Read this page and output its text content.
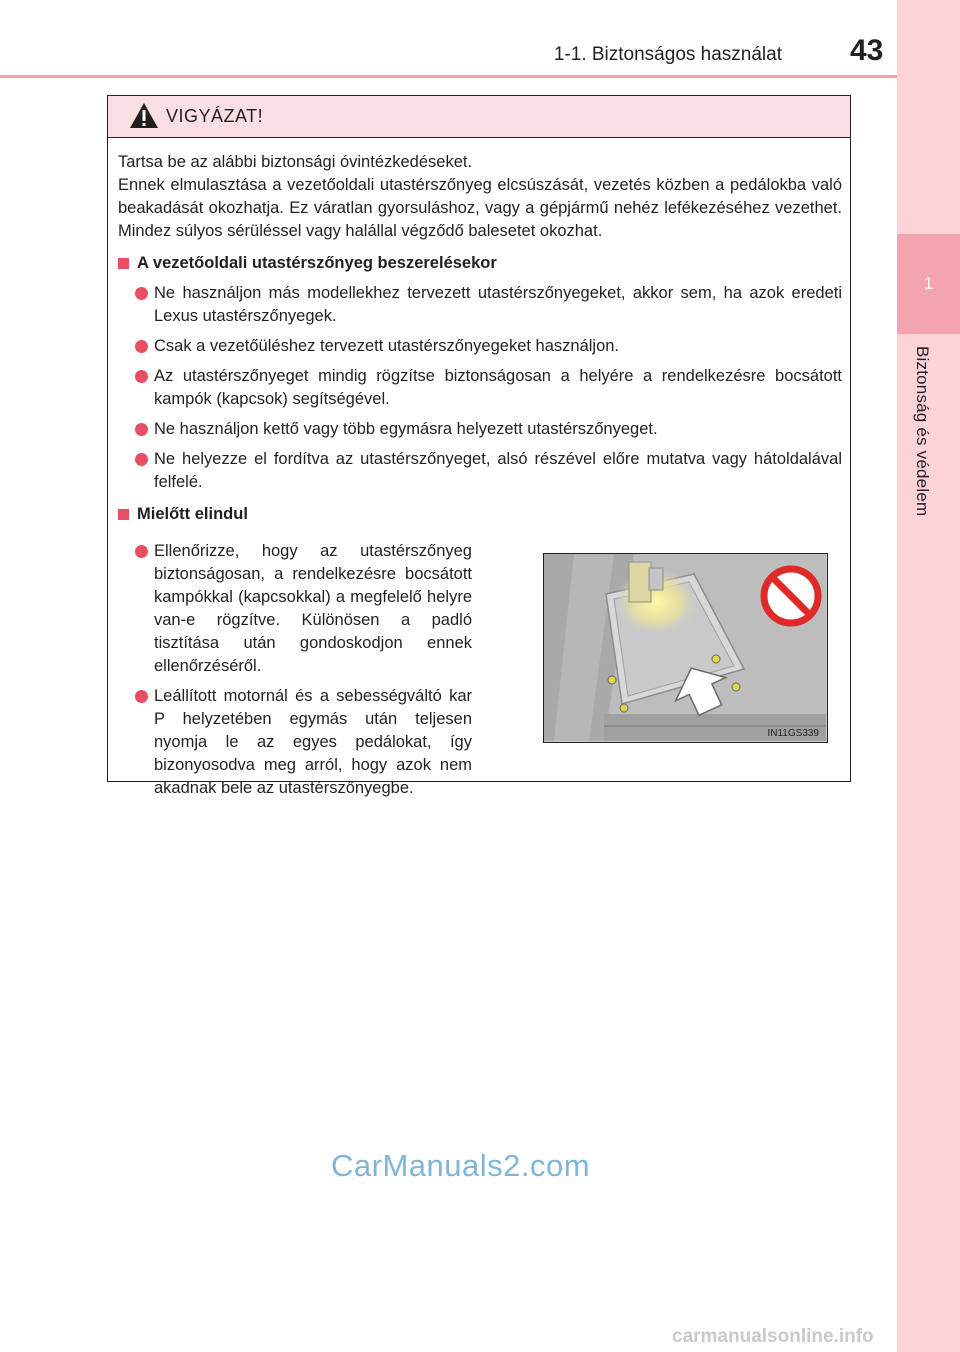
1-1. Biztonságos használat 43
1
Biztonság és védelem
VIGYÁZAT!
Tartsa be az alábbi biztonsági óvintézkedéseket.
Ennek elmulasztása a vezetőoldali utastérszőnyeg elcsúszását, vezetés közben a pedálokba való beakadását okozhatja. Ez váratlan gyorsuláshoz, vagy a gépjármű nehéz lefékezéséhez vezethet. Mindez súlyos sérüléssel vagy halállal végződő balesetet okozhat.
A vezetőoldali utastérszőnyeg beszerelésekor
Ne használjon más modellekhez tervezett utastérszőnyegeket, akkor sem, ha azok eredeti Lexus utastérszőnyegek.
Csak a vezetőüléshez tervezett utastérszőnyegeket használjon.
Az utastérszőnyeget mindig rögzítse biztonságosan a helyére a rendelkezésre bocsátott kampók (kapcsok) segítségével.
Ne használjon kettő vagy több egymásra helyezett utastérszőnyeget.
Ne helyezze el fordítva az utastérszőnyeget, alsó részével előre mutatva vagy hátoldalával felfelé.
Mielőtt elindul
Ellenőrizze, hogy az utastérszőnyeg biztonságosan, a rendelkezésre bocsátott kampókkal (kapcsokkal) a megfelelő helyre van-e rögzítve. Különösen a padló tisztítása után gondoskodjon ennek ellenőrzéséről.
Leállított motornál és a sebességváltó kar P helyzetében egymás után teljesen nyomja le az egyes pedálokat, így bizonyosodva meg arról, hogy azok nem akadnak bele az utastérszőnyegbe.
IN11GS339
CarManuals2.com
carmanualsonline.info
